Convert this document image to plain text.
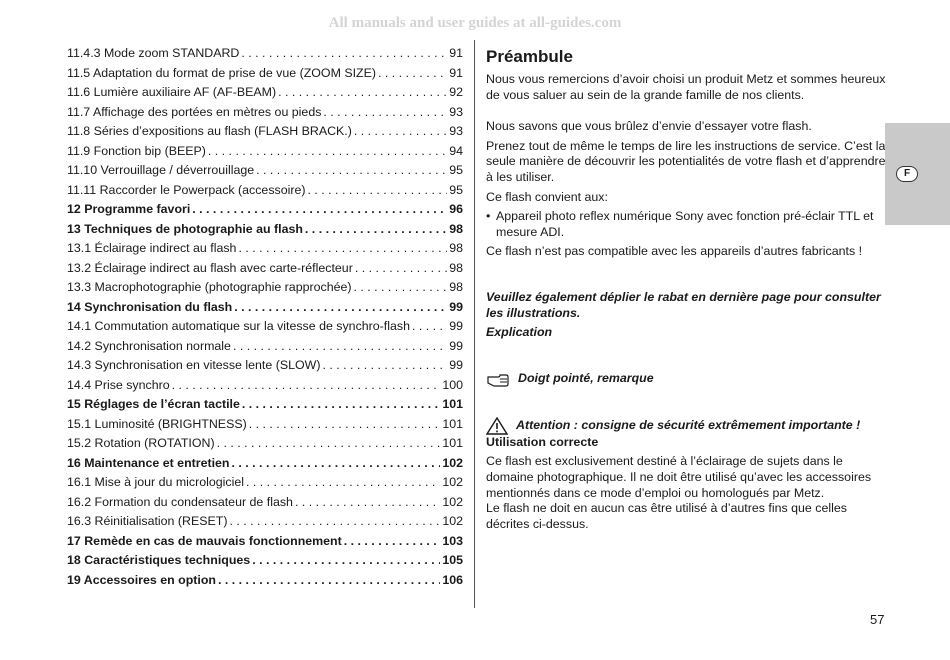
All manuals and user guides at all-guides.com
11.4.3 Mode zoom STANDARD . . .	91
11.5 Adaptation du format de prise de vue (ZOOM SIZE) . . .	91
11.6 Lumière auxiliaire AF (AF-BEAM) . . .	92
11.7 Affichage des portées en mètres ou pieds . . .	93
11.8 Séries d’expositions au flash (FLASH BRACK.) . . .	93
11.9 Fonction bip (BEEP) . . .	94
11.10 Verrouillage / déverrouillage . . .	95
11.11 Raccorder le Powerpack (accessoire) . . .	95
12 Programme favori . . .	96
13 Techniques de photographie au flash . . .	98
13.1 Éclairage indirect au flash . . .	98
13.2 Éclairage indirect au flash avec carte-réflecteur . . .	98
13.3 Macrophotographie (photographie rapprochée) . . .	98
14 Synchronisation du flash . . .	99
14.1 Commutation automatique sur la vitesse de synchro-flash . . .	99
14.2 Synchronisation normale . . .	99
14.3 Synchronisation en vitesse lente (SLOW) . . .	99
14.4 Prise synchro . . .	100
15 Réglages de l’écran tactile . . .	101
15.1 Luminosité (BRIGHTNESS) . . .	101
15.2 Rotation (ROTATION) . . .	101
16 Maintenance et entretien . . .	102
16.1 Mise à jour du micrologiciel . . .	102
16.2 Formation du condensateur de flash . . .	102
16.3 Réinitialisation (RESET) . . .	102
17 Remède en cas de mauvais fonctionnement . . .	103
18 Caractéristiques techniques . . .	105
19 Accessoires en option . . .	106
Préambule

Nous vous remercions d’avoir choisi un produit Metz et sommes heureux de vous saluer au sein de la grande famille de nos clients.

Nous savons que vous brûlez d’envie d’essayer votre flash.

Prenez tout de même le temps de lire les instructions de service. C’est la seule manière de découvrir les potentialités de votre flash et d’apprendre à les utiliser.

Ce flash convient aux:

• Appareil photo reflex numérique Sony avec fonction pré-éclair TTL et mesure ADI.

Ce flash n’est pas compatible avec les appareils d’autres fabricants !

Veuillez également déplier le rabat en dernière page pour consulter les illustrations.

Explication

Doigt pointé, remarque
Attention : consigne de sécurité extrêmement importante !

Utilisation correcte

Ce flash est exclusivement destiné à l’éclairage de sujets dans le domaine photographique. Il ne doit être utilisé qu’avec les accessoires mentionnés dans ce mode d’emploi ou homologués par Metz.

Le flash ne doit en aucun cas être utilisé à d’autres fins que celles décrites ci-dessus.

F
57
